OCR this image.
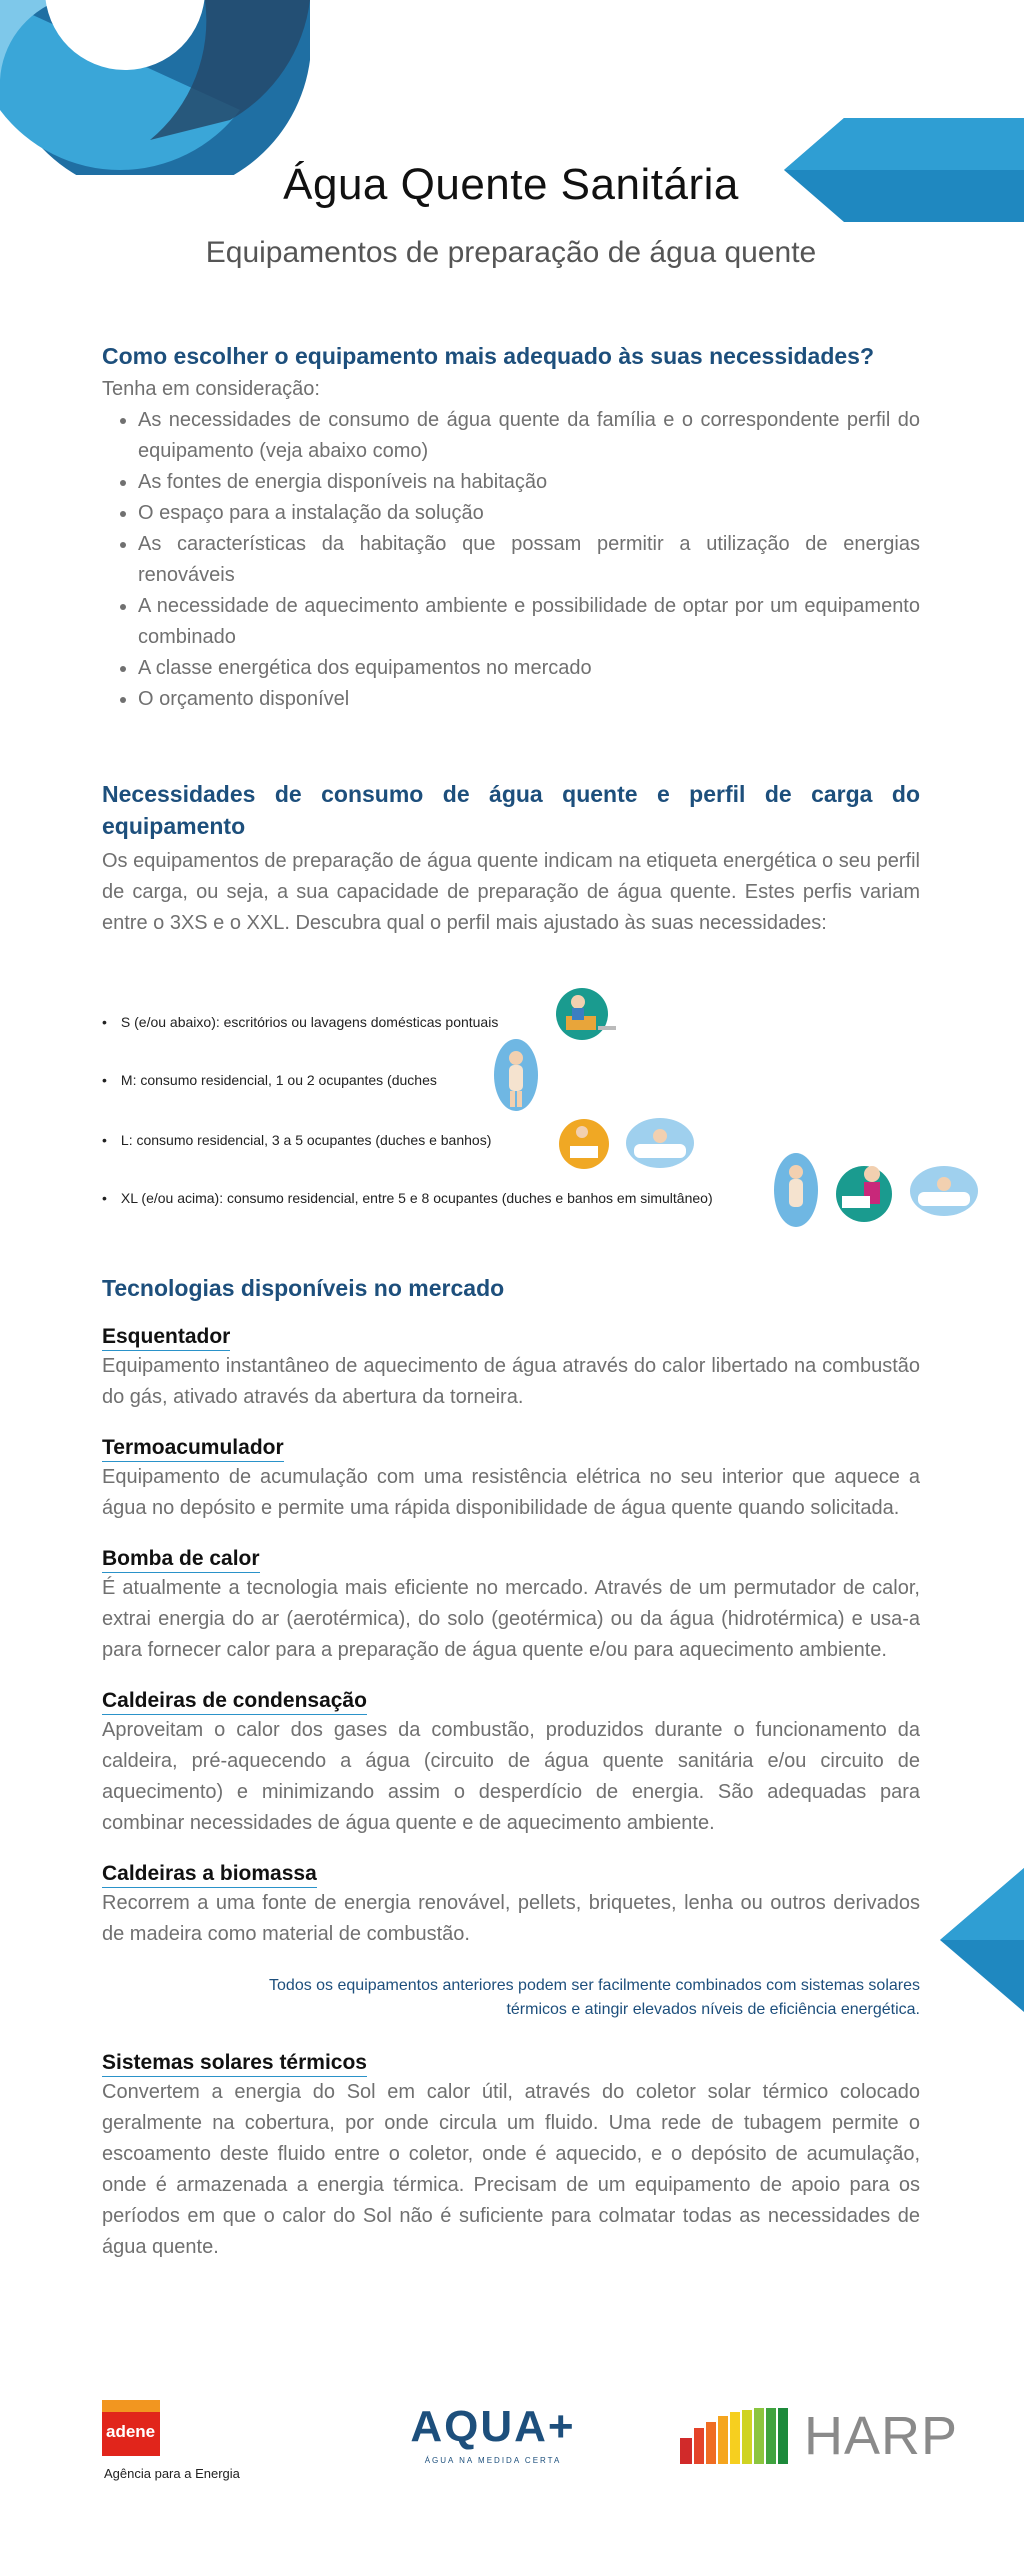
Água Quente Sanitária

Equipamentos de preparação de água quente

Como escolher o equipamento mais adequado às suas necessidades?

Tenha em consideração:

• As necessidades de consumo de água quente da família e o correspondente perfil do equipamento (veja abaixo como)
• As fontes de energia disponíveis na habitação
• O espaço para a instalação da solução
• As características da habitação que possam permitir a utilização de energias renováveis
• A necessidade de aquecimento ambiente e possibilidade de optar por um equipamento combinado
• A classe energética dos equipamentos no mercado
• O orçamento disponível
Necessidades de consumo de água quente e perfil de carga do equipamento

Os equipamentos de preparação de água quente indicam na etiqueta energética o seu perfil de carga, ou seja, a sua capacidade de preparação de água quente. Estes perfis variam entre o 3XS e o XXL. Descubra qual o perfil mais ajustado às suas necessidades:

• S (e/ou abaixo): escritórios ou lavagens domésticas pontuais
• M: consumo residencial, 1 ou 2 ocupantes (duches
• L: consumo residencial, 3 a 5 ocupantes (duches e banhos)
• XL (e/ou acima): consumo residencial, entre 5 e 8 ocupantes (duches e banhos em simultâneo)
Tecnologias disponíveis no mercado
Esquentador

Equipamento instantâneo de aquecimento de água através do calor libertado na combustão do gás, ativado através da abertura da torneira.

Termoacumulador

Equipamento de acumulação com uma resistência elétrica no seu interior que aquece a água no depósito e permite uma rápida disponibilidade de água quente quando solicitada.

Bomba de calor

É atualmente a tecnologia mais eficiente no mercado. Através de um permutador de calor, extrai energia do ar (aerotérmica), do solo (geotérmica) ou da água (hidrotérmica) e usa-a para fornecer calor para a preparação de água quente e/ou para aquecimento ambiente.

Caldeiras de condensação

Aproveitam o calor dos gases da combustão, produzidos durante o funcionamento da caldeira, pré-aquecendo a água (circuito de água quente sanitária e/ou circuito de aquecimento) e minimizando assim o desperdício de energia. São adequadas para combinar necessidades de água quente e de aquecimento ambiente.

Caldeiras a biomassa

Recorrem a uma fonte de energia renovável, pellets, briquetes, lenha ou outros derivados de madeira como material de combustão.

Todos os equipamentos anteriores podem ser facilmente combinados com sistemas solares térmicos e atingir elevados níveis de eficiência energética.

Sistemas solares térmicos

Convertem a energia do Sol em calor útil, através do coletor solar térmico colocado geralmente na cobertura, por onde circula um fluido. Uma rede de tubagem permite o escoamento deste fluido entre o coletor, onde é aquecido, e o depósito de acumulação, onde é armazenada a energia térmica. Precisam de um equipamento de apoio para os períodos em que o calor do Sol não é suficiente para colmatar todas as necessidades de água quente.

adene
Agência para a Energia
AQUA+
ÁGUA NA MEDIDA CERTA	HARP
